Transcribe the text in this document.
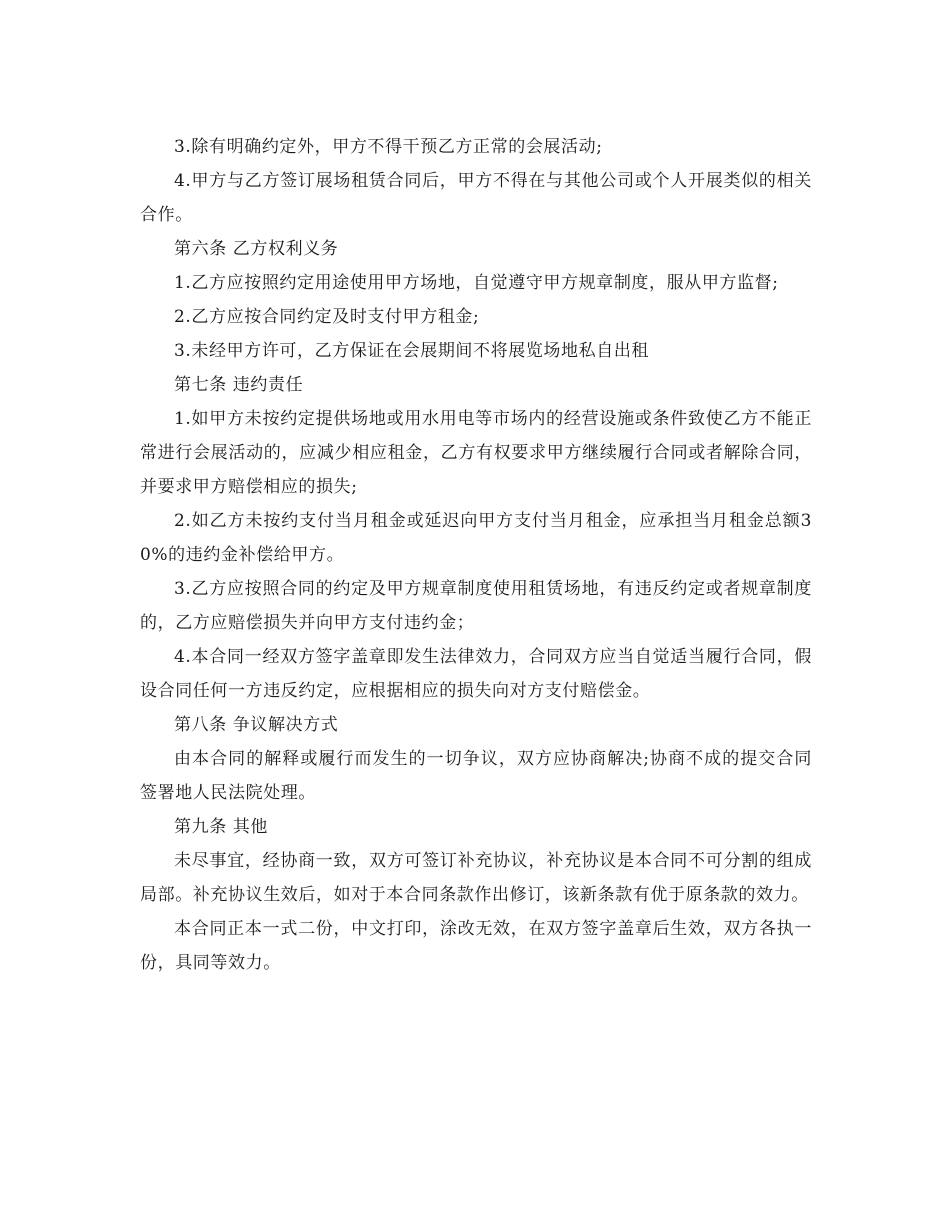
3.除有明确约定外，甲方不得干预乙方正常的会展活动;

4.甲方与乙方签订展场租赁合同后，甲方不得在与其他公司或个人开展类似的相关合作。

第六条 乙方权利义务

1.乙方应按照约定用途使用甲方场地，自觉遵守甲方规章制度，服从甲方监督;

2.乙方应按合同约定及时支付甲方租金;

3.未经甲方许可，乙方保证在会展期间不将展览场地私自出租

第七条 违约责任

1.如甲方未按约定提供场地或用水用电等市场内的经营设施或条件致使乙方不能正常进行会展活动的，应减少相应租金，乙方有权要求甲方继续履行合同或者解除合同，并要求甲方赔偿相应的损失;

2.如乙方未按约支付当月租金或延迟向甲方支付当月租金，应承担当月租金总额30%的违约金补偿给甲方。

3.乙方应按照合同的约定及甲方规章制度使用租赁场地，有违反约定或者规章制度的，乙方应赔偿损失并向甲方支付违约金；

4.本合同一经双方签字盖章即发生法律效力，合同双方应当自觉适当履行合同，假设合同任何一方违反约定，应根据相应的损失向对方支付赔偿金。

第八条 争议解决方式

由本合同的解释或履行而发生的一切争议，双方应协商解决;协商不成的提交合同签署地人民法院处理。

第九条 其他

未尽事宜，经协商一致，双方可签订补充协议，补充协议是本合同不可分割的组成局部。补充协议生效后，如对于本合同条款作出修订，该新条款有优于原条款的效力。

本合同正本一式二份，中文打印，涂改无效，在双方签字盖章后生效，双方各执一份，具同等效力。
